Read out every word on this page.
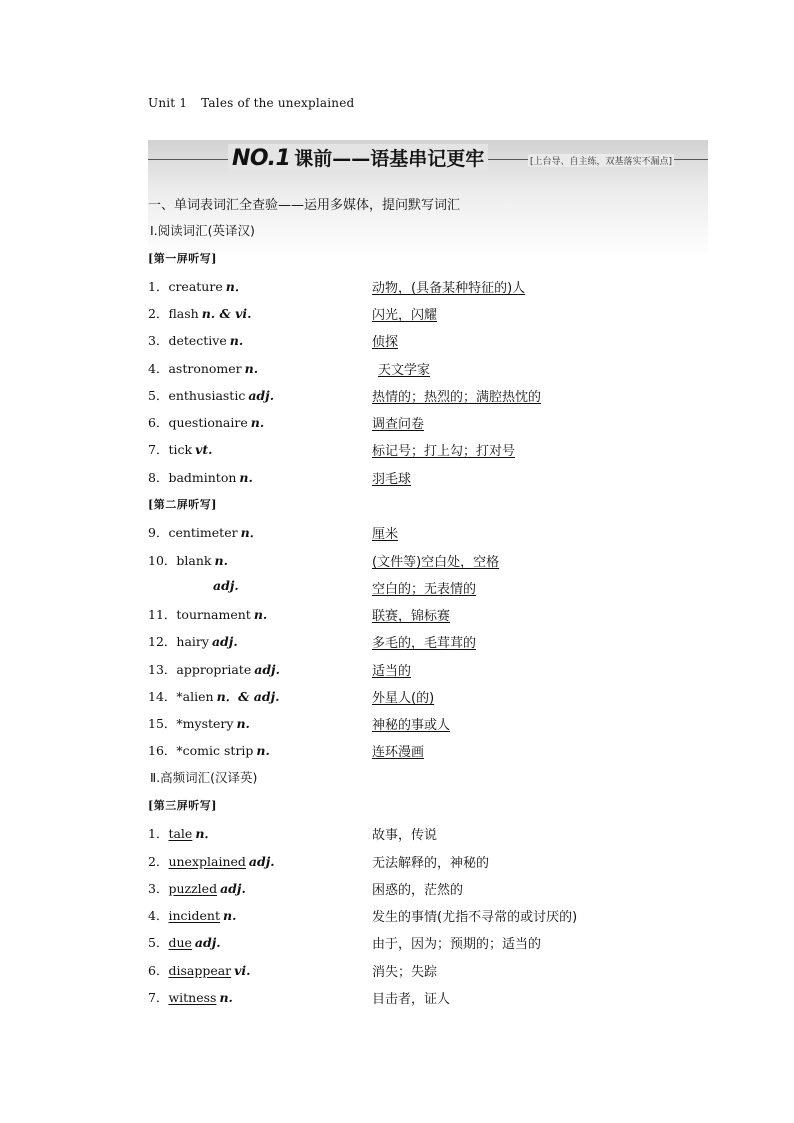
Unit 1 Tales of the unexplained
NO.1 课前——语基串记更牢	[上台导、自主练，双基落实不漏点]
一、单词表词汇全查验——运用多媒体，提问默写词汇
Ⅰ.阅读词汇(英译汉)
[第一屏听写]
1．creature n．	动物，(具备某种特征的)人
2．flash n. & vi.	闪光，闪耀
3．detective n.	侦探
4．astronomer n.	天文学家
5．enthusiastic adj.	热情的；热烈的；满腔热忱的
6．questionaire n.	调查问卷
7．tick vt.	标记号；打上勾；打对号
8．badminton n.	羽毛球
[第二屏听写]
9．centimeter n．	厘米
10．blank n.	(文件等)空白处，空格
adj.	空白的；无表情的
11．tournament n.	联赛，锦标赛
12．hairy adj.	多毛的，毛茸茸的
13．appropriate adj.	适当的
14．*alien n．& adj.	外星人(的)
15．*mystery n.	神秘的事或人
16．*comic strip n.	连环漫画
Ⅱ.高频词汇(汉译英)
[第三屏听写]
1．tale n．	故事，传说
2．unexplained adj.	无法解释的，神秘的
3．puzzled adj.	困惑的，茫然的
4．incident n.	发生的事情(尤指不寻常的或讨厌的)
5．due adj.	由于，因为；预期的；适当的
6．disappear vi.	消失；失踪
7．witness n.	目击者，证人
